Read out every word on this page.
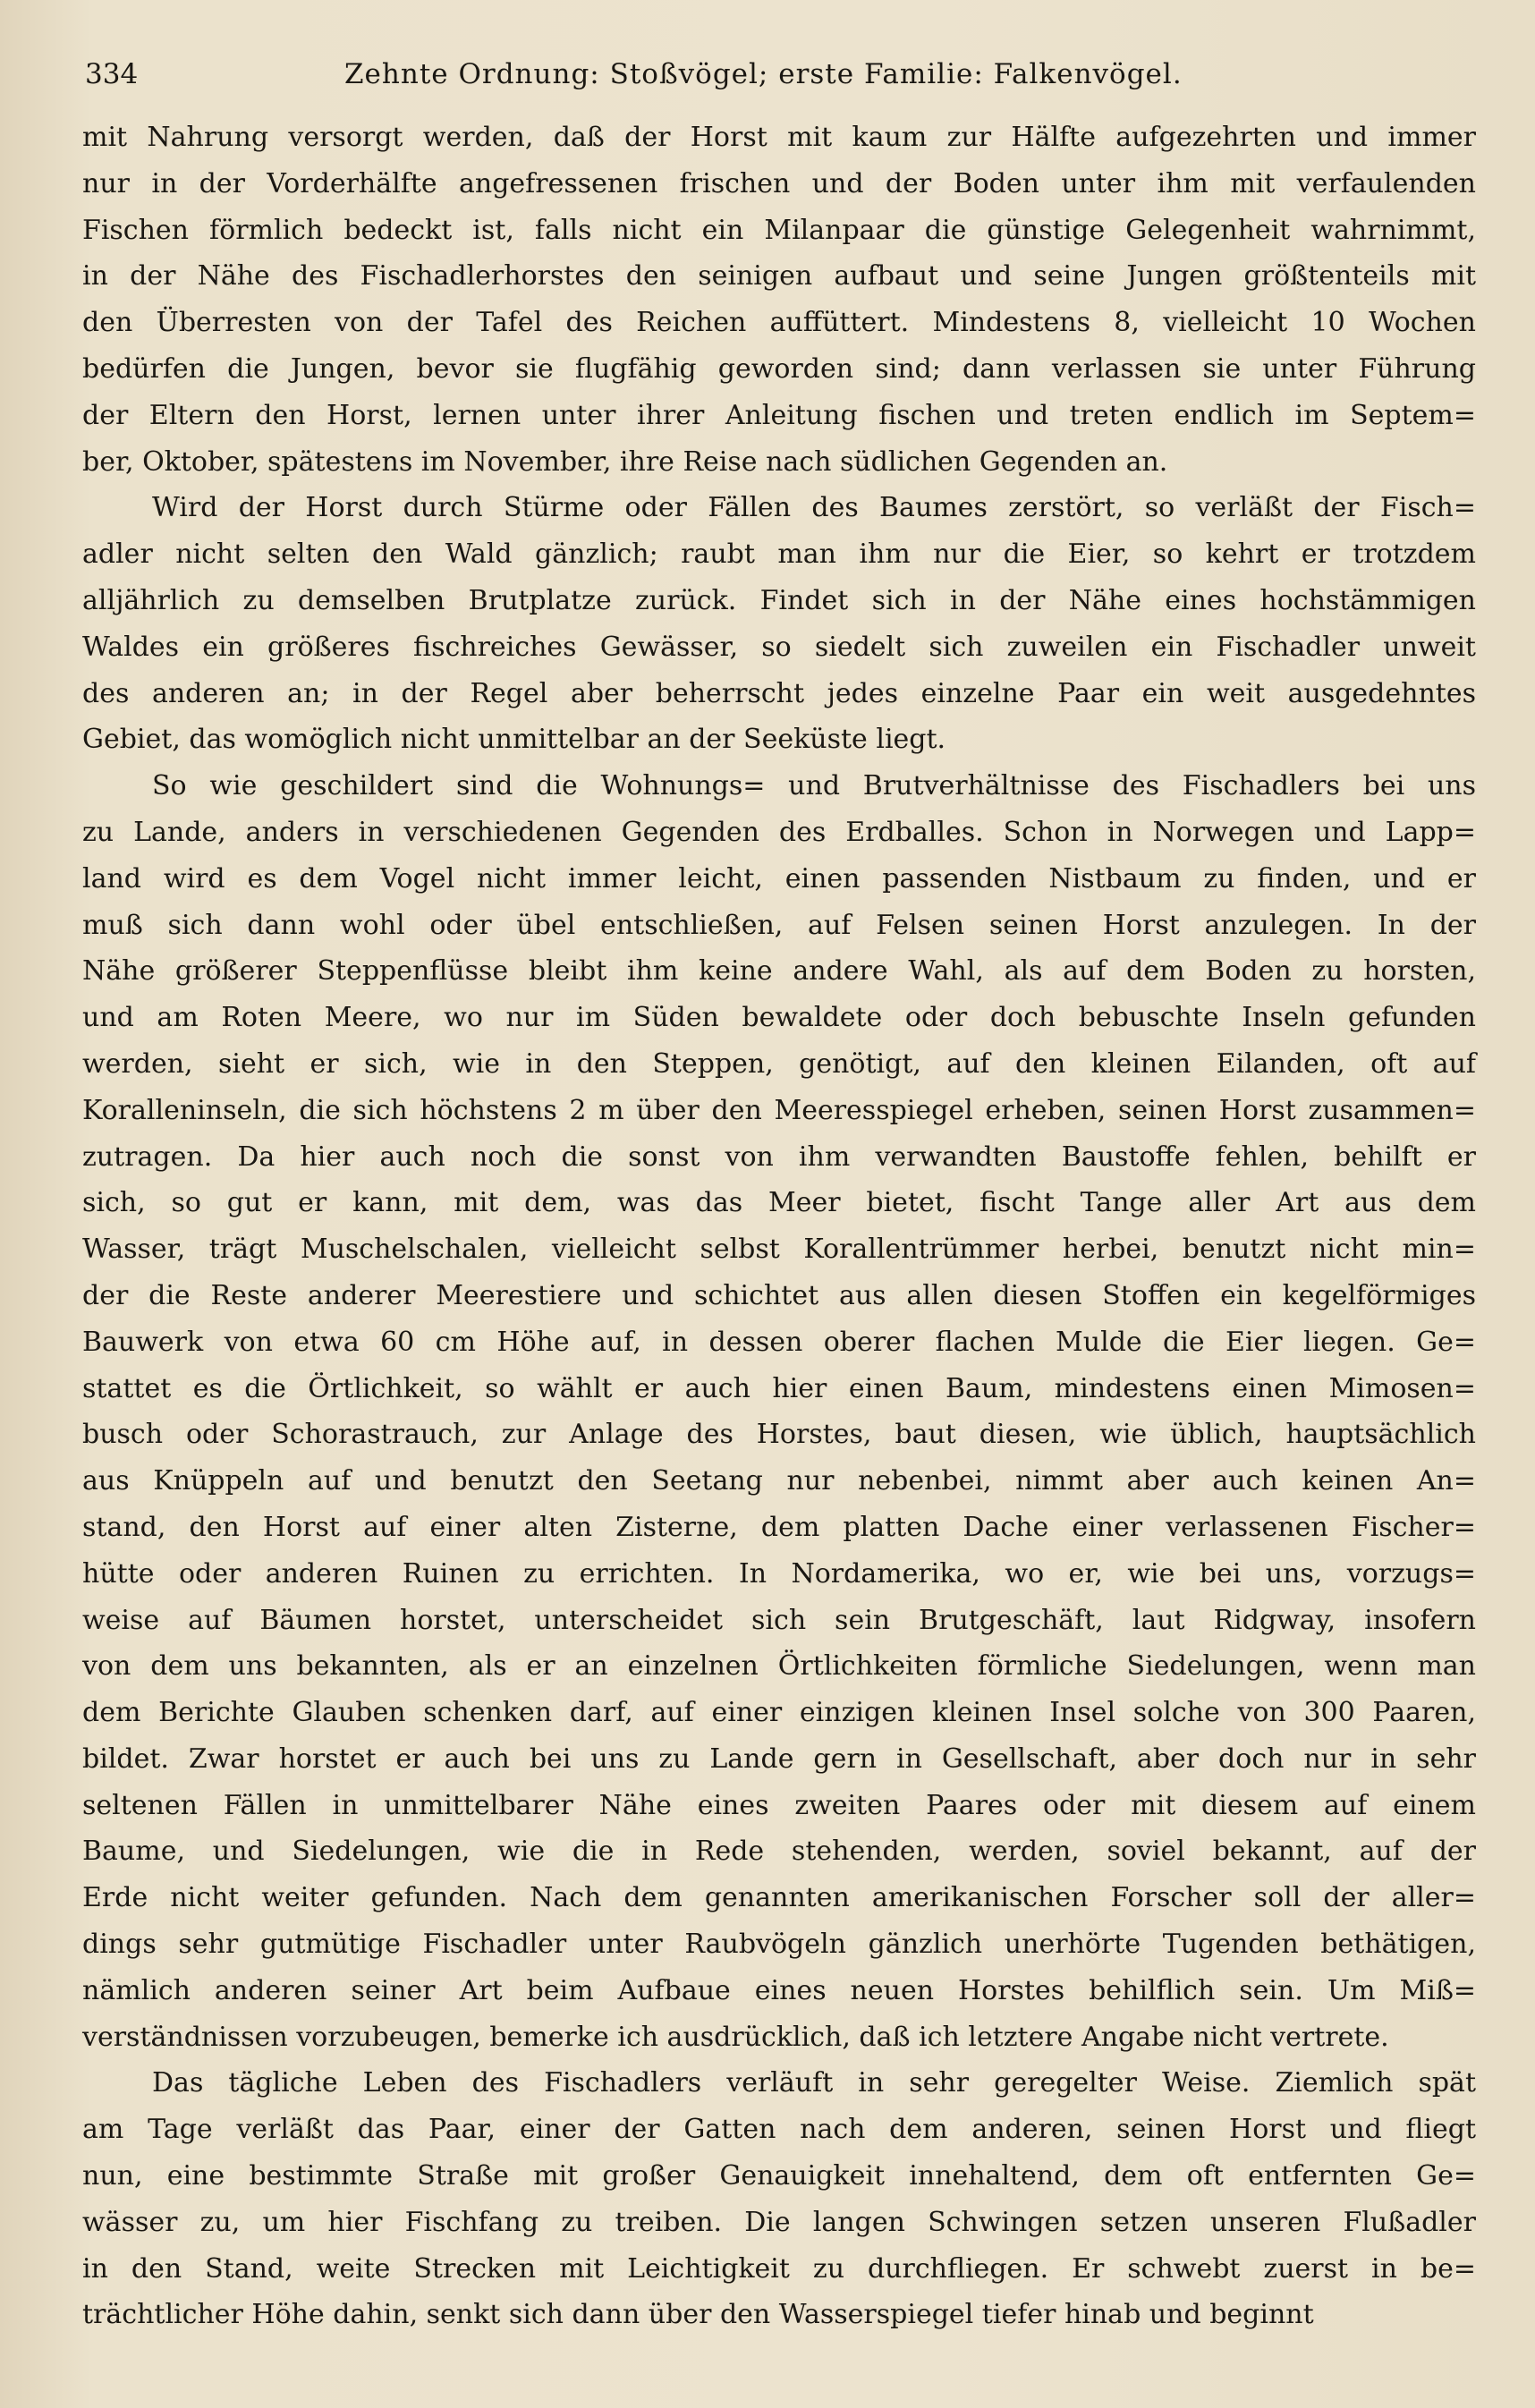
334	Zehnte Ordnung: Stoßvögel; erste Familie: Falkenvögel.
mit Nahrung versorgt werden, daß der Horst mit kaum zur Hälfte aufgezehrten und immer
nur in der Vorderhälfte angefressenen frischen und der Boden unter ihm mit verfaulenden
Fischen förmlich bedeckt ist, falls nicht ein Milanpaar die günstige Gelegenheit wahrnimmt,
in der Nähe des Fischadlerhorstes den seinigen aufbaut und seine Jungen größtenteils mit
den Überresten von der Tafel des Reichen auffüttert. Mindestens 8, vielleicht 10 Wochen
bedürfen die Jungen, bevor sie flugfähig geworden sind; dann verlassen sie unter Führung
der Eltern den Horst, lernen unter ihrer Anleitung fischen und treten endlich im Septem=
ber, Oktober, spätestens im November, ihre Reise nach südlichen Gegenden an.
Wird der Horst durch Stürme oder Fällen des Baumes zerstört, so verläßt der Fisch=
adler nicht selten den Wald gänzlich; raubt man ihm nur die Eier, so kehrt er trotzdem
alljährlich zu demselben Brutplatze zurück. Findet sich in der Nähe eines hochstämmigen
Waldes ein größeres fischreiches Gewässer, so siedelt sich zuweilen ein Fischadler unweit
des anderen an; in der Regel aber beherrscht jedes einzelne Paar ein weit ausgedehntes
Gebiet, das womöglich nicht unmittelbar an der Seeküste liegt.
So wie geschildert sind die Wohnungs= und Brutverhältnisse des Fischadlers bei uns
zu Lande, anders in verschiedenen Gegenden des Erdballes. Schon in Norwegen und Lapp=
land wird es dem Vogel nicht immer leicht, einen passenden Nistbaum zu finden, und er
muß sich dann wohl oder übel entschließen, auf Felsen seinen Horst anzulegen. In der
Nähe größerer Steppenflüsse bleibt ihm keine andere Wahl, als auf dem Boden zu horsten,
und am Roten Meere, wo nur im Süden bewaldete oder doch bebuschte Inseln gefunden
werden, sieht er sich, wie in den Steppen, genötigt, auf den kleinen Eilanden, oft auf
Koralleninseln, die sich höchstens 2 m über den Meeresspiegel erheben, seinen Horst zusammen=
zutragen. Da hier auch noch die sonst von ihm verwandten Baustoffe fehlen, behilft er
sich, so gut er kann, mit dem, was das Meer bietet, fischt Tange aller Art aus dem
Wasser, trägt Muschelschalen, vielleicht selbst Korallentrümmer herbei, benutzt nicht min=
der die Reste anderer Meerestiere und schichtet aus allen diesen Stoffen ein kegelförmiges
Bauwerk von etwa 60 cm Höhe auf, in dessen oberer flachen Mulde die Eier liegen. Ge=
stattet es die Örtlichkeit, so wählt er auch hier einen Baum, mindestens einen Mimosen=
busch oder Schorastrauch, zur Anlage des Horstes, baut diesen, wie üblich, hauptsächlich
aus Knüppeln auf und benutzt den Seetang nur nebenbei, nimmt aber auch keinen An=
stand, den Horst auf einer alten Zisterne, dem platten Dache einer verlassenen Fischer=
hütte oder anderen Ruinen zu errichten. In Nordamerika, wo er, wie bei uns, vorzugs=
weise auf Bäumen horstet, unterscheidet sich sein Brutgeschäft, laut Ridgway, insofern
von dem uns bekannten, als er an einzelnen Örtlichkeiten förmliche Siedelungen, wenn man
dem Berichte Glauben schenken darf, auf einer einzigen kleinen Insel solche von 300 Paaren,
bildet. Zwar horstet er auch bei uns zu Lande gern in Gesellschaft, aber doch nur in sehr
seltenen Fällen in unmittelbarer Nähe eines zweiten Paares oder mit diesem auf einem
Baume, und Siedelungen, wie die in Rede stehenden, werden, soviel bekannt, auf der
Erde nicht weiter gefunden. Nach dem genannten amerikanischen Forscher soll der aller=
dings sehr gutmütige Fischadler unter Raubvögeln gänzlich unerhörte Tugenden bethätigen,
nämlich anderen seiner Art beim Aufbaue eines neuen Horstes behilflich sein. Um Miß=
verständnissen vorzubeugen, bemerke ich ausdrücklich, daß ich letztere Angabe nicht vertrete.
Das tägliche Leben des Fischadlers verläuft in sehr geregelter Weise. Ziemlich spät
am Tage verläßt das Paar, einer der Gatten nach dem anderen, seinen Horst und fliegt
nun, eine bestimmte Straße mit großer Genauigkeit innehaltend, dem oft entfernten Ge=
wässer zu, um hier Fischfang zu treiben. Die langen Schwingen setzen unseren Flußadler
in den Stand, weite Strecken mit Leichtigkeit zu durchfliegen. Er schwebt zuerst in be=
trächtlicher Höhe dahin, senkt sich dann über den Wasserspiegel tiefer hinab und beginnt
